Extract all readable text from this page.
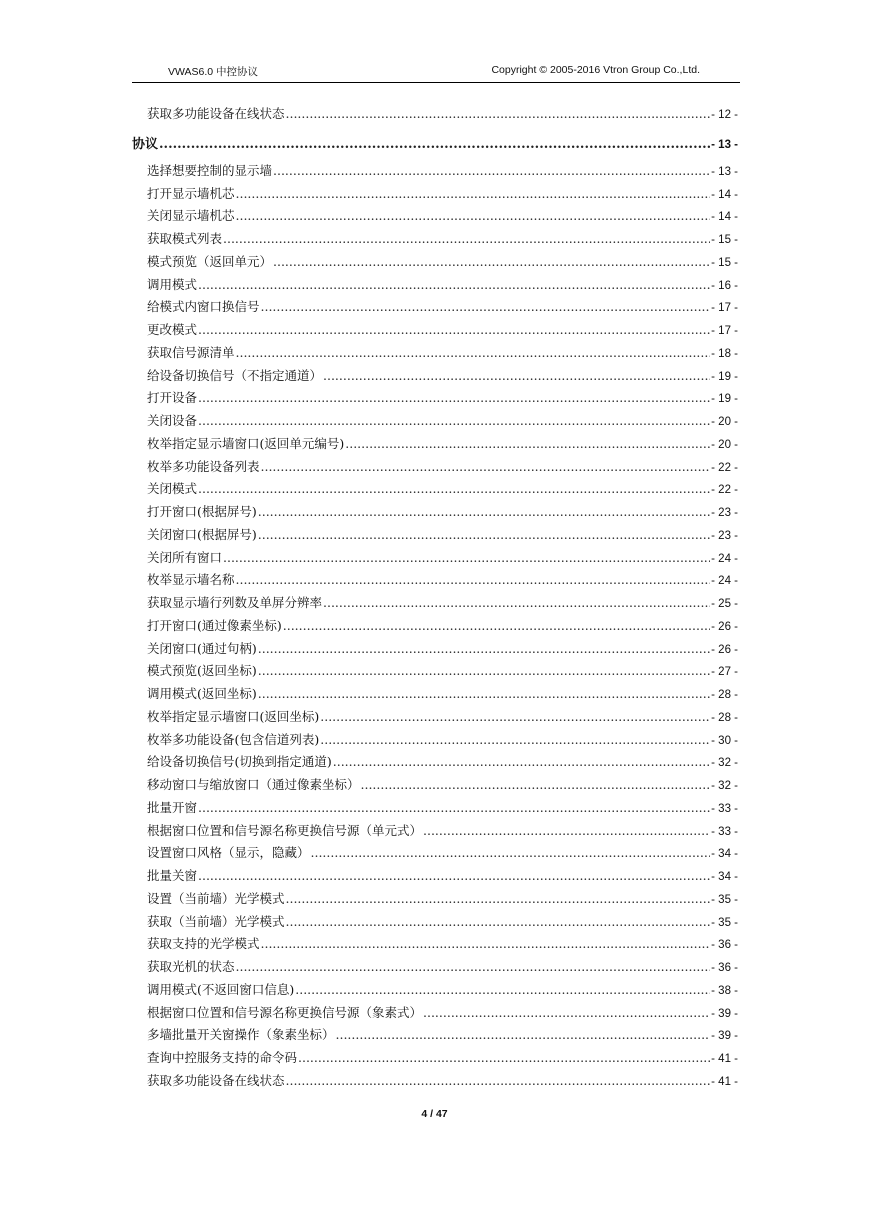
VWAS6.0 中控协议	Copyright © 2005-2016 Vtron Group Co.,Ltd.
获取多功能设备在线状态 .....	- 12 -
协议 .....	- 13 -
选择想要控制的显示墙 .....	- 13 -
打开显示墙机芯 .....	- 14 -
关闭显示墙机芯 .....	- 14 -
获取模式列表 .....	- 15 -
模式预览（返回单元） .....	- 15 -
调用模式 .....	- 16 -
给模式内窗口换信号 .....	- 17 -
更改模式 .....	- 17 -
获取信号源清单 .....	- 18 -
给设备切换信号（不指定通道） .....	- 19 -
打开设备 .....	- 19 -
关闭设备 .....	- 20 -
枚举指定显示墙窗口(返回单元编号) .....	- 20 -
枚举多功能设备列表 .....	- 22 -
关闭模式 .....	- 22 -
打开窗口(根据屏号) .....	- 23 -
关闭窗口(根据屏号) .....	- 23 -
关闭所有窗口 .....	- 24 -
枚举显示墙名称 .....	- 24 -
获取显示墙行列数及单屏分辨率 .....	- 25 -
打开窗口(通过像素坐标) .....	- 26 -
关闭窗口(通过句柄) .....	- 26 -
模式预览(返回坐标) .....	- 27 -
调用模式(返回坐标) .....	- 28 -
枚举指定显示墙窗口(返回坐标) .....	- 28 -
枚举多功能设备(包含信道列表) .....	- 30 -
给设备切换信号(切换到指定通道) .....	- 32 -
移动窗口与缩放窗口（通过像素坐标） .....	- 32 -
批量开窗 .....	- 33 -
根据窗口位置和信号源名称更换信号源（单元式） .....	- 33 -
设置窗口风格（显示，隐藏） .....	- 34 -
批量关窗 .....	- 34 -
设置（当前墙）光学模式 .....	- 35 -
获取（当前墙）光学模式 .....	- 35 -
获取支持的光学模式 .....	- 36 -
获取光机的状态 .....	- 36 -
调用模式(不返回窗口信息) .....	- 38 -
根据窗口位置和信号源名称更换信号源（象素式） .....	- 39 -
多墙批量开关窗操作（象素坐标） .....	- 39 -
查询中控服务支持的命令码 .....	- 41 -
获取多功能设备在线状态 .....	- 41 -
4 / 47
